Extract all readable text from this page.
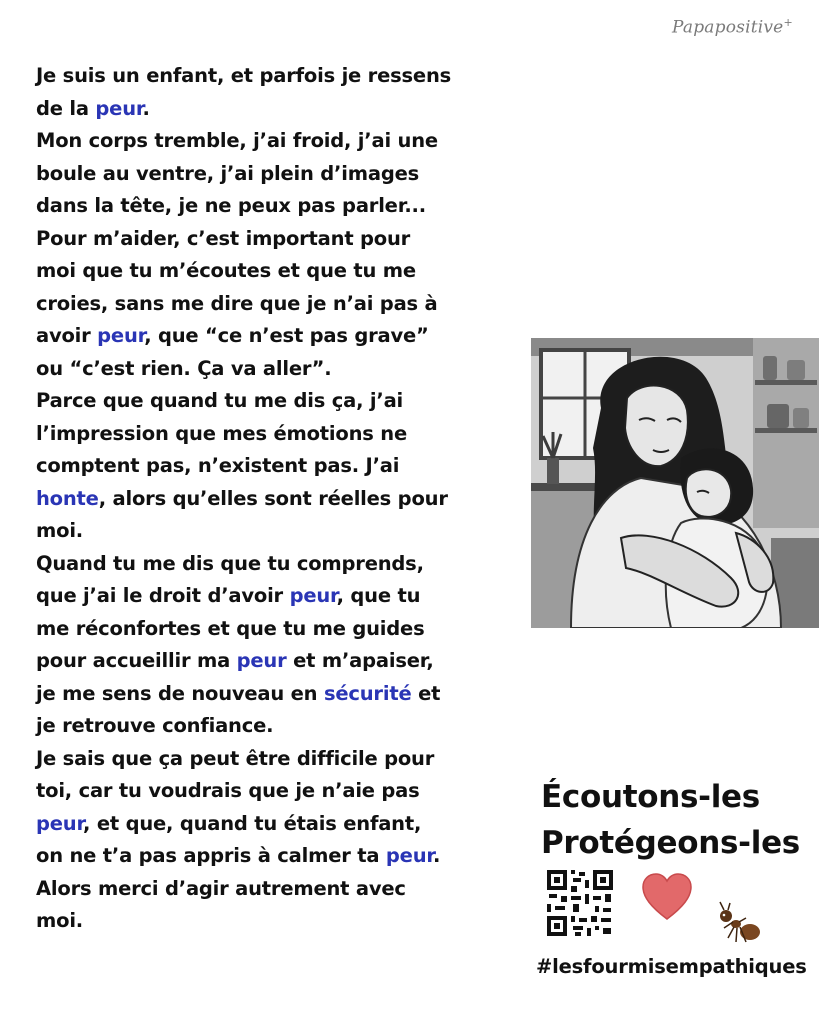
Papapositive+
Je suis un enfant, et parfois je ressens
de la peur.
Mon corps tremble, j’ai froid, j’ai une
boule au ventre, j’ai plein d’images
dans la tête, je ne peux pas parler...
Pour m’aider, c’est important pour
moi que tu m’écoutes et que tu me
croies, sans me dire que je n’ai pas à
avoir peur, que “ce n’est pas grave”
ou “c’est rien. Ça va aller”.
Parce que quand tu me dis ça, j’ai
l’impression que mes émotions ne
comptent pas, n’existent pas. J’ai
honte, alors qu’elles sont réelles pour
moi.
Quand tu me dis que tu comprends,
que j’ai le droit d’avoir peur, que tu
me réconfortes et que tu me guides
pour accueillir ma peur et m’apaiser,
je me sens de nouveau en sécurité et
je retrouve confiance.
Je sais que ça peut être difficile pour
toi, car tu voudrais que je n’aie pas
peur, et que, quand tu étais enfant,
on ne t’a pas appris à calmer ta peur.
Alors merci d’agir autrement avec
moi.
Écoutons-les
Protégeons-les
#lesfourmisempathiques
